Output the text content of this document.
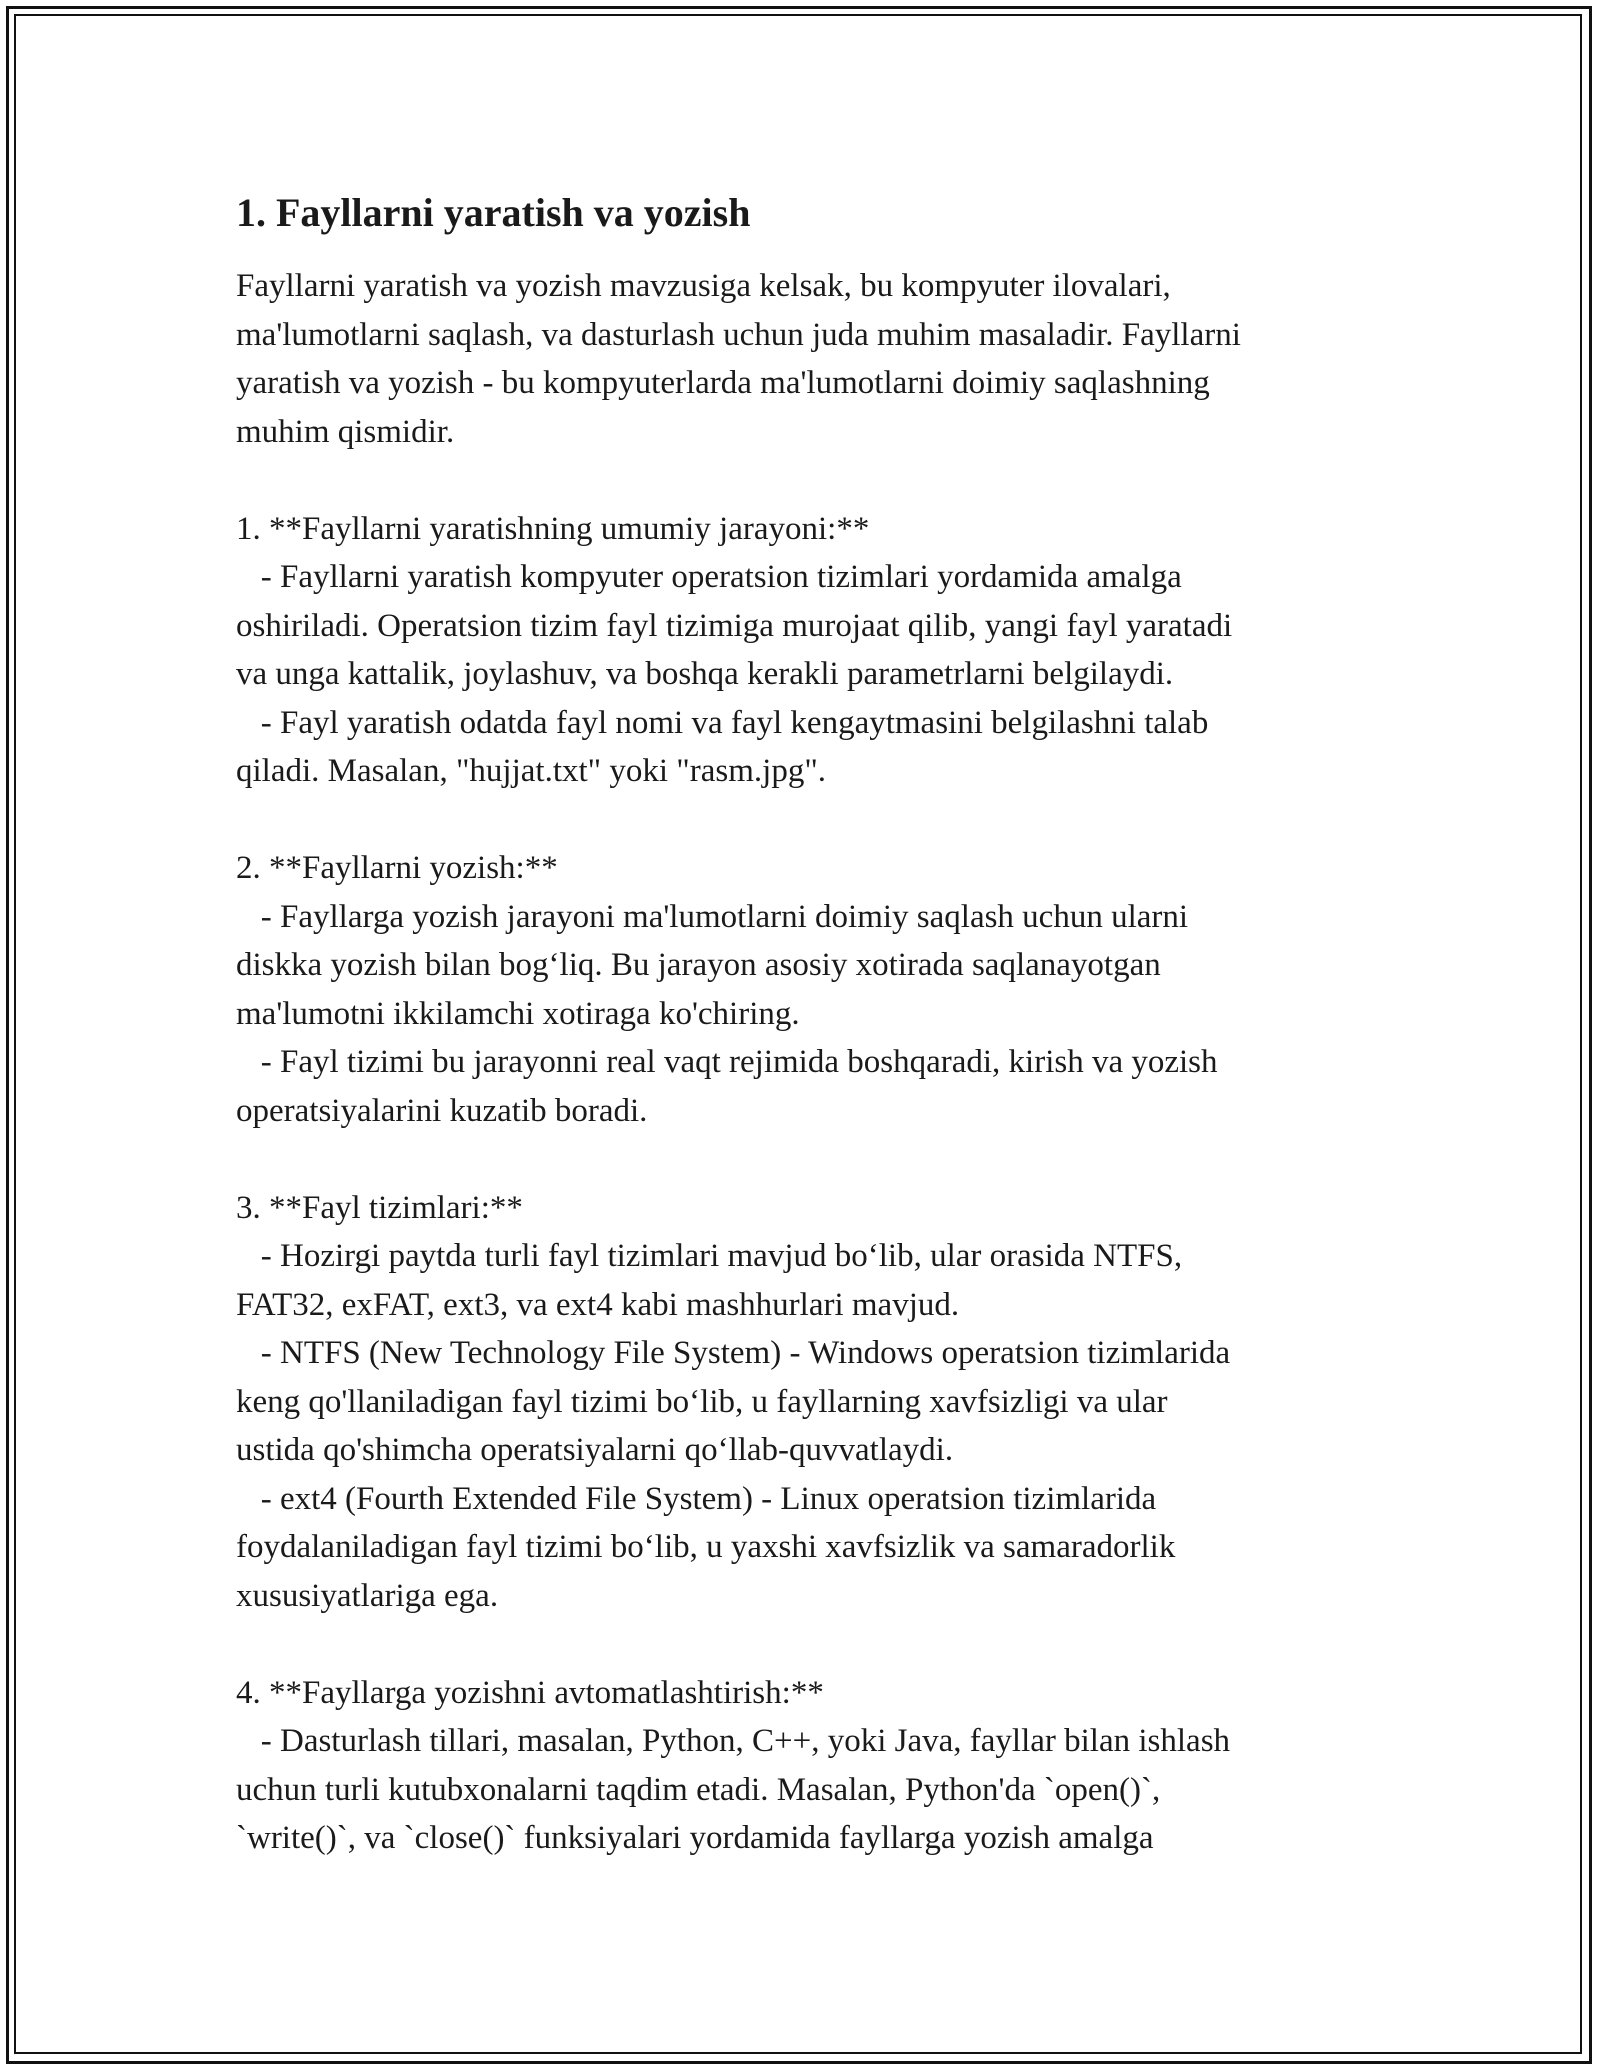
1. Fayllarni yaratish va yozish

Fayllarni yaratish va yozish mavzusiga kelsak, bu kompyuter ilovalari,
ma'lumotlarni saqlash, va dasturlash uchun juda muhim masaladir. Fayllarni
yaratish va yozish - bu kompyuterlarda ma'lumotlarni doimiy saqlashning
muhim qismidir.

1. **Fayllarni yaratishning umumiy jarayoni:**
- Fayllarni yaratish kompyuter operatsion tizimlari yordamida amalga
oshiriladi. Operatsion tizim fayl tizimiga murojaat qilib, yangi fayl yaratadi
va unga kattalik, joylashuv, va boshqa kerakli parametrlarni belgilaydi.
- Fayl yaratish odatda fayl nomi va fayl kengaytmasini belgilashni talab
qiladi. Masalan, "hujjat.txt" yoki "rasm.jpg".

2. **Fayllarni yozish:**
- Fayllarga yozish jarayoni ma'lumotlarni doimiy saqlash uchun ularni
diskka yozish bilan bog‘liq. Bu jarayon asosiy xotirada saqlanayotgan
ma'lumotni ikkilamchi xotiraga ko'chiring.
- Fayl tizimi bu jarayonni real vaqt rejimida boshqaradi, kirish va yozish
operatsiyalarini kuzatib boradi.

3. **Fayl tizimlari:**
- Hozirgi paytda turli fayl tizimlari mavjud bo‘lib, ular orasida NTFS,
FAT32, exFAT, ext3, va ext4 kabi mashhurlari mavjud.
- NTFS (New Technology File System) - Windows operatsion tizimlarida
keng qo'llaniladigan fayl tizimi bo‘lib, u fayllarning xavfsizligi va ular
ustida qo'shimcha operatsiyalarni qo‘llab-quvvatlaydi.
- ext4 (Fourth Extended File System) - Linux operatsion tizimlarida
foydalaniladigan fayl tizimi bo‘lib, u yaxshi xavfsizlik va samaradorlik
xususiyatlariga ega.

4. **Fayllarga yozishni avtomatlashtirish:**
- Dasturlash tillari, masalan, Python, C++, yoki Java, fayllar bilan ishlash
uchun turli kutubxonalarni taqdim etadi. Masalan, Python'da `open()`,
`write()`, va `close()` funksiyalari yordamida fayllarga yozish amalga
